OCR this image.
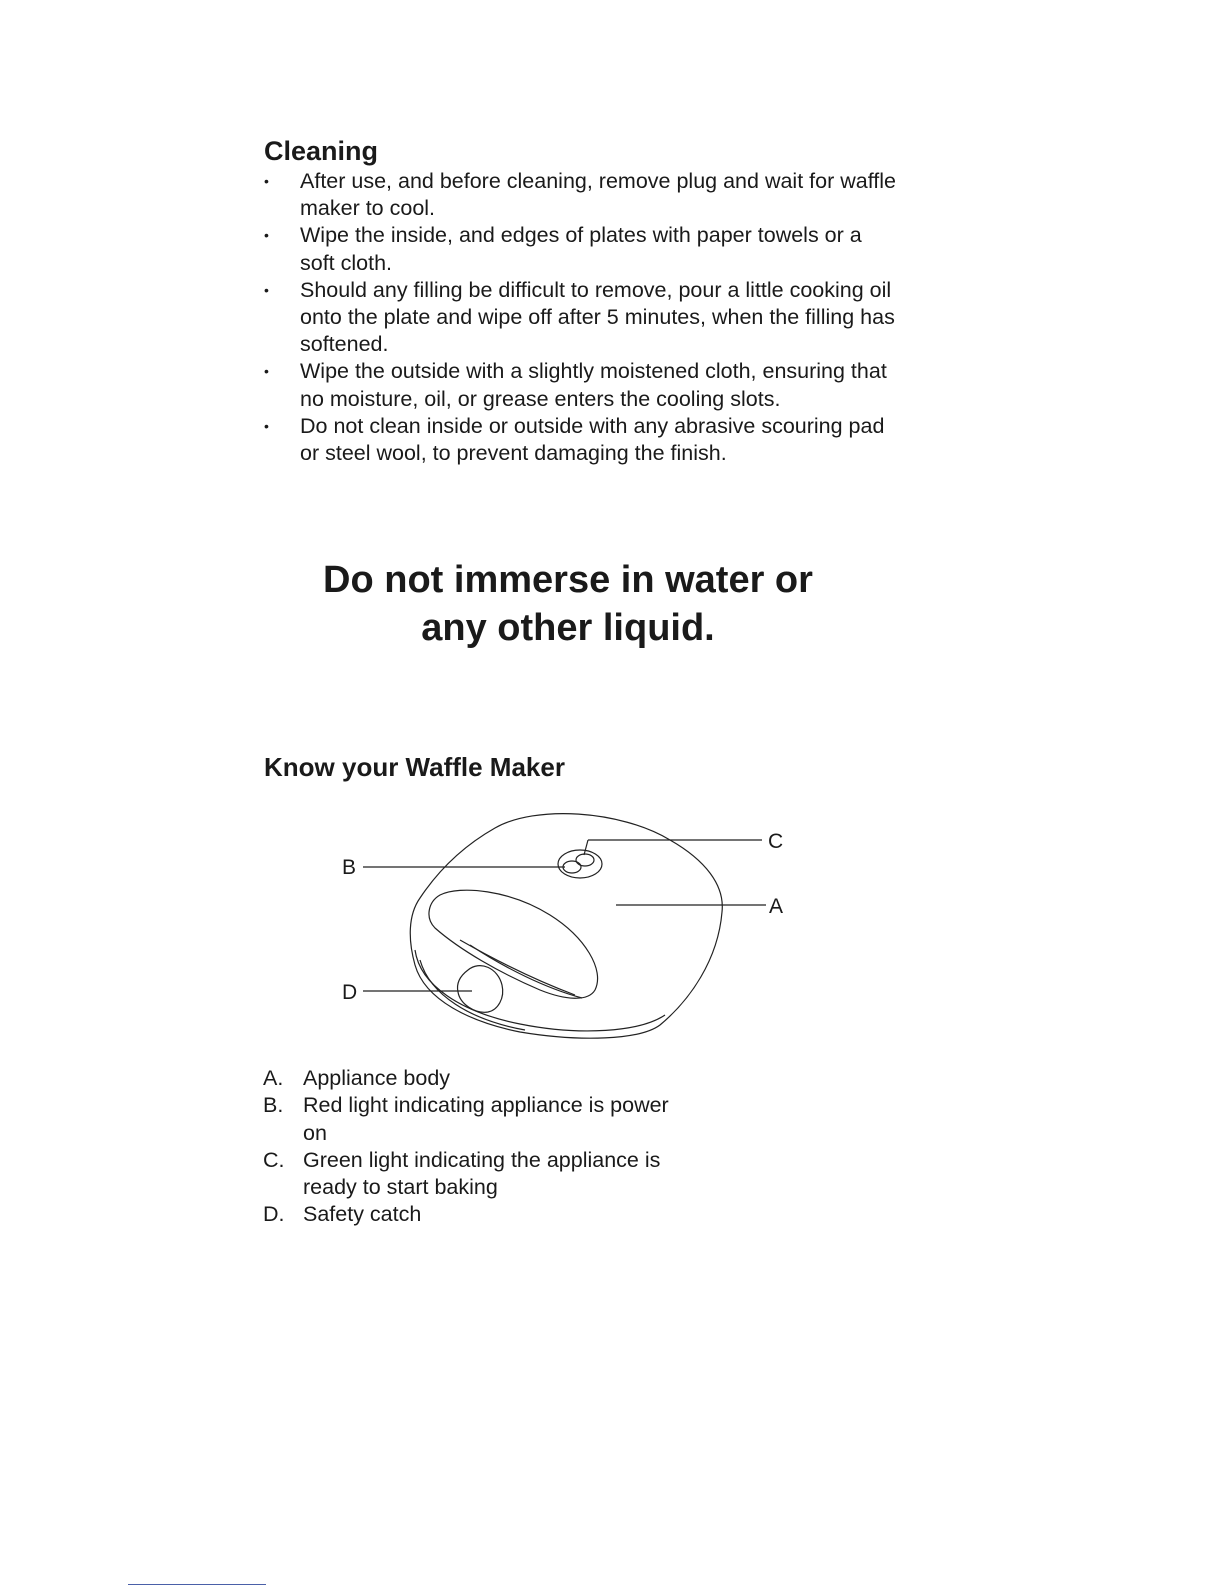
Cleaning
• After use, and before cleaning, remove plug and wait for waffle maker to cool.
• Wipe the inside, and edges of plates with paper towels or a soft cloth.
• Should any filling be difficult to remove, pour a little cooking oil onto the plate and wipe off after 5 minutes, when the filling has softened.
• Wipe the outside with a slightly moistened cloth, ensuring that no moisture, oil, or grease enters the cooling slots.
• Do not clean inside or outside with any abrasive scouring pad or steel wool, to prevent damaging the finish.

Do not immerse in water or
any other liquid.

Know your Waffle Maker
B
C
A
D
A. Appliance body
B. Red light indicating appliance is power on
C. Green light indicating the appliance is ready to start baking
D. Safety catch
